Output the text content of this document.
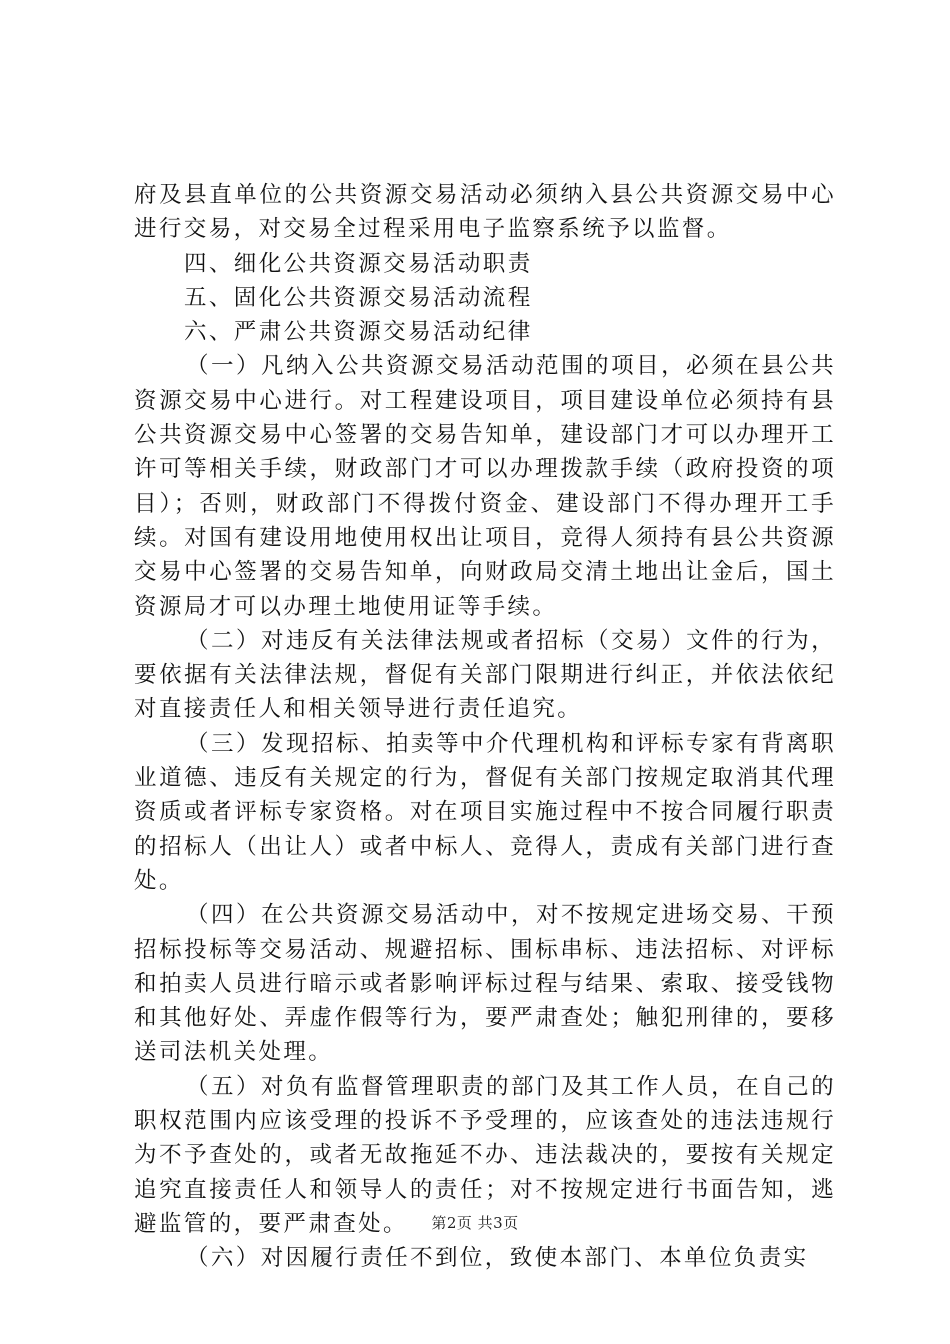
府及县直单位的公共资源交易活动必须纳入县公共资源交易中心进行交易，对交易全过程采用电子监察系统予以监督。

四、细化公共资源交易活动职责

五、固化公共资源交易活动流程

六、严肃公共资源交易活动纪律

（一）凡纳入公共资源交易活动范围的项目，必须在县公共资源交易中心进行。对工程建设项目，项目建设单位必须持有县公共资源交易中心签署的交易告知单，建设部门才可以办理开工许可等相关手续，财政部门才可以办理拨款手续（政府投资的项目）；否则，财政部门不得拨付资金、建设部门不得办理开工手续。对国有建设用地使用权出让项目，竞得人须持有县公共资源交易中心签署的交易告知单，向财政局交清土地出让金后，国土资源局才可以办理土地使用证等手续。

（二）对违反有关法律法规或者招标（交易）文件的行为，要依据有关法律法规，督促有关部门限期进行纠正，并依法依纪对直接责任人和相关领导进行责任追究。

（三）发现招标、拍卖等中介代理机构和评标专家有背离职业道德、违反有关规定的行为，督促有关部门按规定取消其代理资质或者评标专家资格。对在项目实施过程中不按合同履行职责的招标人（出让人）或者中标人、竞得人，责成有关部门进行查处。

（四）在公共资源交易活动中，对不按规定进场交易、干预招标投标等交易活动、规避招标、围标串标、违法招标、对评标和拍卖人员进行暗示或者影响评标过程与结果、索取、接受钱物和其他好处、弄虚作假等行为，要严肃查处；触犯刑律的，要移送司法机关处理。

（五）对负有监督管理职责的部门及其工作人员，在自己的职权范围内应该受理的投诉不予受理的，应该查处的违法违规行为不予查处的，或者无故拖延不办、违法裁决的，要按有关规定追究直接责任人和领导人的责任；对不按规定进行书面告知，逃避监管的，要严肃查处。

（六）对因履行责任不到位，致使本部门、本单位负责实

第2页 共3页
